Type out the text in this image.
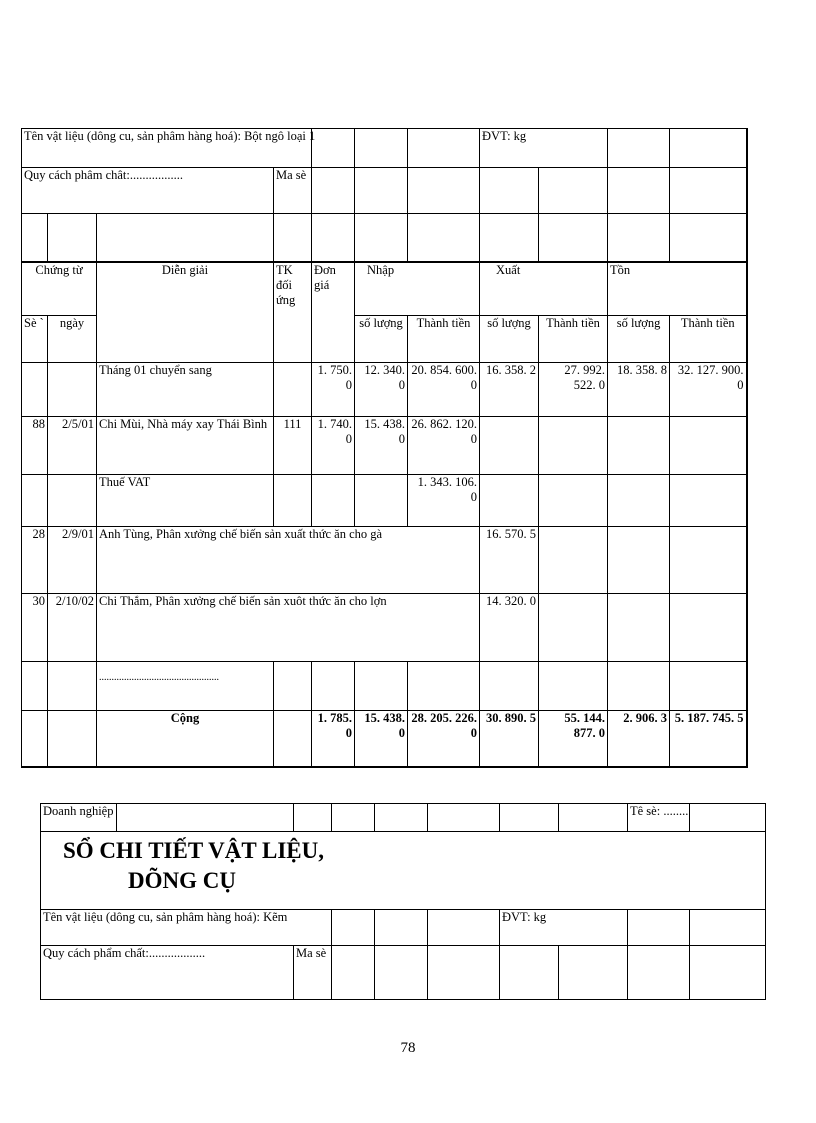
Tên vật liệu (dông cu, sản phâm hàng hoá): Bột ngô loại 1							ĐVT: kg			
Quy cách phâm chât:.................			Ma sè							

Chứng từ		Diễn giải	TK đối ứng	Đơn giá	Nhập		Xuất		Tồn	
Sè `	ngày				số lượng	Thành tiền	số lượng	Thành tiền	số lượng	Thành tiền
		Tháng 01 chuyển sang		1. 750. 0	12. 340. 0	20. 854. 600. 0	16. 358. 2	27. 992. 522. 0	18. 358. 8	32. 127. 900. 0
88	2/5/01	Chi Mùi, Nhà máy xay Thái Bình	111	1. 740. 0	15. 438. 0	26. 862. 120. 0				
		Thuế VAT				1. 343. 106. 0				
28	2/9/01	Anh Tùng, Phân xưởng chế biến sản xuất thức ăn cho gà					16. 570. 5			
30	2/10/02	Chi Thắm, Phân xưởng chế biến sản xuôt thức ăn cho lợn					14. 320. 0			
		................................................								
		Cộng		1. 785. 0	15. 438. 0	28. 205. 226. 0	30. 890. 5	55. 144. 877. 0	2. 906. 3	5. 187. 745. 5
Doanh nghiệp								Tê sè: ........	

SỔ CHI TIẾT VẬT LIỆU,
DÕNG CỤ									

Tên vật liệu (dông cu, sản phâm hàng hoá): Kẽm						ĐVT: kg			
Quy cách phẩm chất:..................		Ma sè							
78
